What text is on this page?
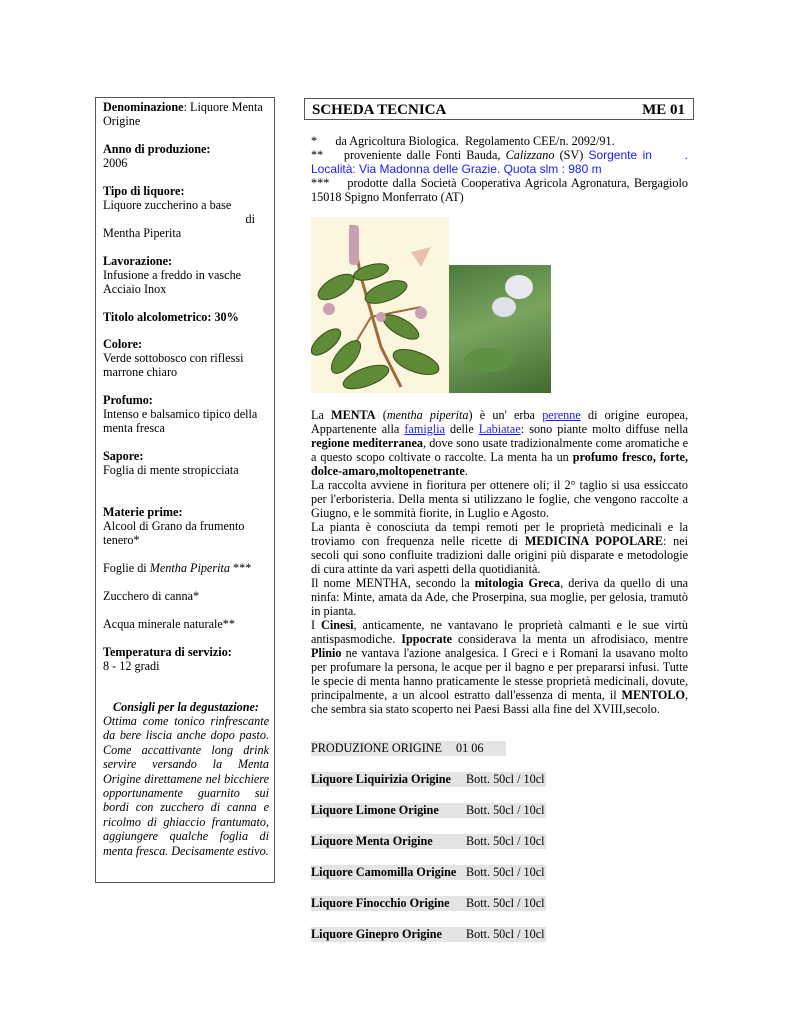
Denominazione: Liquore Menta Origine
Anno di produzione:
2006
Tipo di liquore:
Liquore zuccherino a base

di
Mentha Piperita
Lavorazione:
Infusione a freddo in vasche Acciaio Inox
Titolo alcolometrico: 30%
Colore:
Verde sottobosco con riflessi marrone chiaro
Profumo:
Intenso e balsamico tipico della menta fresca
Sapore:
Foglia di mente stropicciata
Materie prime:
Alcool di Grano da frumento tenero*
Foglie di Mentha Piperita ***
Zucchero di canna*
Acqua minerale naturale**
Temperatura di servizio:
8 - 12 gradi
Consigli per la degustazione:
Ottima come tonico rinfrescante da bere liscia anche dopo pasto. Come accattivante long drink servire versando la Menta Origine direttamene nel bicchiere opportunamente guarnito sui bordi con zucchero di canna e ricolmo di ghiaccio frantumato, aggiungere qualche foglia di menta fresca. Decisamente estivo.
SCHEDA TECNICA	ME 01
*      da Agricoltura Biologica.  Regolamento CEE/n. 2092/91.
**    proveniente dalle Fonti Bauda, Calizzano (SV) Sorgente in      . Località: Via Madonna delle Grazie. Quota slm : 980 m
***    prodotte dalla Società Cooperativa Agricola Agronatura, Bergagiolo 15018 Spigno Monferrato (AT)
La MENTA (mentha piperita) è un' erba perenne di origine europea, Appartenente alla famiglia delle Labiatae: sono piante molto diffuse nella regione mediterranea, dove sono usate tradizionalmente come aromatiche e a questo scopo coltivate o raccolte. La menta ha un profumo fresco, forte, dolce-amaro,moltopenetrante.
La raccolta avviene in fioritura per ottenere oli; il 2° taglio si usa essiccato per l'erboristeria. Della menta si utilizzano le foglie, che vengono raccolte a Giugno, e le sommità fiorite, in Luglio e Agosto.
La pianta è conosciuta da tempi remoti per le proprietà medicinali e la troviamo con frequenza nelle ricette di MEDICINA POPOLARE: nei secoli qui sono confluite tradizioni dalle origini più disparate e metodologie di cura attinte da vari aspetti della quotidianità.
Il nome MENTHA, secondo la mitologia Greca, deriva da quello di una ninfa: Minte, amata da Ade, che Proserpina, sua moglie, per gelosia, tramutò in pianta.
I Cinesi, anticamente, ne vantavano le proprietà calmanti e le sue virtù antispasmodiche. Ippocrate considerava la menta un afrodisiaco, mentre Plinio ne vantava l'azione analgesica. I Greci e i Romani la usavano molto per profumare la persona, le acque per il bagno e per prepararsi infusi. Tutte le specie di menta hanno praticamente le stesse proprietà medicinali, dovute, principalmente, a un alcool estratto dall'essenza di menta, il MENTOLO, che sembra sia stato scoperto nei Paesi Bassi alla fine del XVIII,secolo.
PRODUZIONE ORIGINE 01 06
Liquore Liquirizia Origine Bott. 50cl / 10cl
Liquore Limone Origine Bott. 50cl / 10cl
Liquore Menta Origine	Bott. 50cl / 10cl
Liquore Camomilla Origine Bott. 50cl / 10cl
Liquore Finocchio Origine Bott. 50cl / 10cl
Liquore Ginepro Origine Bott. 50cl / 10cl
